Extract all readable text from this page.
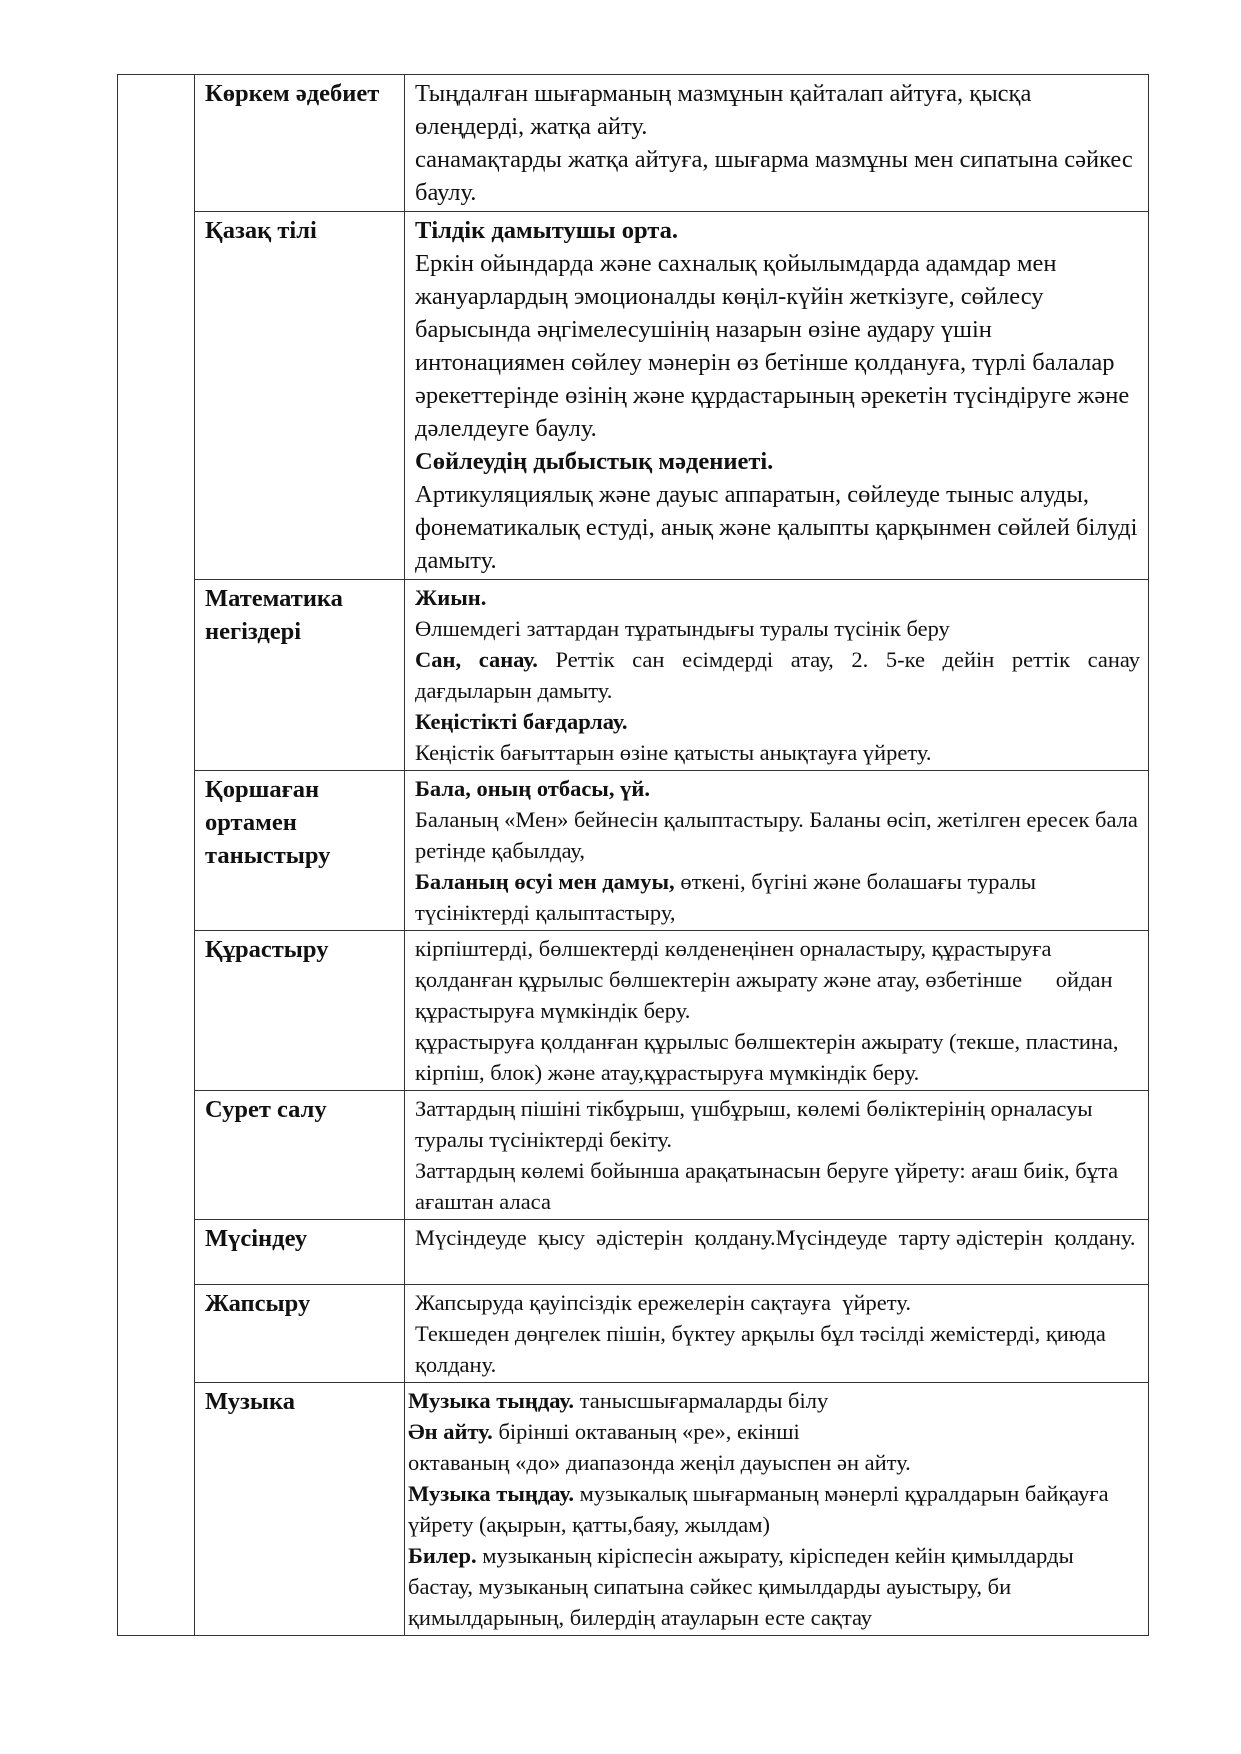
	Көркем әдебиет	Тыңдалған шығарманың мазмұнын қайталап айтуға, қысқа өлеңдерді, жатқа айту.
санамақтарды жатқа айтуға, шығарма мазмұны мен сипатына сәйкес баулу.

	Қазақ тілі	Тілдік дамытушы орта.
Еркін ойындарда және сахналық қойылымдарда адамдар мен жануарлардың эмоционалды көңіл-күйін жеткізуге, сөйлесу барысында әңгімелесушінің назарын өзіне аудару үшін интонациямен сөйлеу мәнерін өз бетінше қолдануға, түрлі балалар әрекеттерінде өзінің және құрдастарының әрекетін түсіндіруге және дәлелдеуге баулу.
Сөйлеудің дыбыстық мәдениеті.
Артикуляциялық және дауыс аппаратын, сөйлеуде тыныс алуды, фонематикалық естуді, анық және қалыпты қарқынмен сөйлей білуді дамыту.

	Математика негіздері	Жиын.
Өлшемдегі заттардан тұратындығы туралы түсінік беру
Сан, санау. Реттік сан есімдерді атау, 2. 5-ке дейін реттік санау дағдыларын дамыту.
Кеңістікті бағдарлау.
Кеңістік бағыттарын өзіне қатысты анықтауға үйрету.

	Қоршаған ортамен таныстыру	Бала, оның отбасы, үй.
Баланың «Мен» бейнесін қалыптастыру. Баланы өсіп, жетілген ересек бала ретінде қабылдау,
Баланың өсуі мен дамуы, өткені, бүгіні және болашағы туралы түсініктерді қалыптастыру,

	Құрастыру	кірпіштерді, бөлшектерді көлденеңінен орналастыру, құрастыруға қолданған құрылыс бөлшектерін ажырату және атау, өзбетінше      ойдан құрастыруға мүмкіндік беру.
құрастыруға қолданған құрылыс бөлшектерін ажырату (текше, пластина, кірпіш, блок) және атау,құрастыруға мүмкіндік беру.

	Сурет салу	Заттардың пішіні тікбұрыш, үшбұрыш, көлемі бөліктерінің орналасуы туралы түсініктерді бекіту.
Заттардың көлемі бойынша арақатынасын беруге үйрету: ағаш биік, бұта ағаштан аласа

	Мүсіндеу	Мүсіндеуде  қысу  әдістерін  қолдану.Мүсіндеуде  тарту әдістерін  қолдану.

	Жапсыру	Жапсыруда қауіпсіздік ережелерін сақтауға  үйрету.
Текшеден дөңгелек пішін, бүктеу арқылы бұл тәсілді жемістерді, қиюда қолдану.

	Музыка	Музыка тыңдау. танысшығармаларды білу
Ән айту. бірінші октаваның «ре», екінші
октаваның «до» диапазонда жеңіл дауыспен ән айту.
Музыка тыңдау. музыкалық шығарманың мәнерлі құралдарын байқауға үйрету (ақырын, қатты,баяу, жылдам)
Билер. музыканың кіріспесін ажырату, кіріспеден кейін қимылдарды бастау, музыканың сипатына сәйкес қимылдарды ауыстыру, би қимылдарының, билердің атауларын есте сақтау
